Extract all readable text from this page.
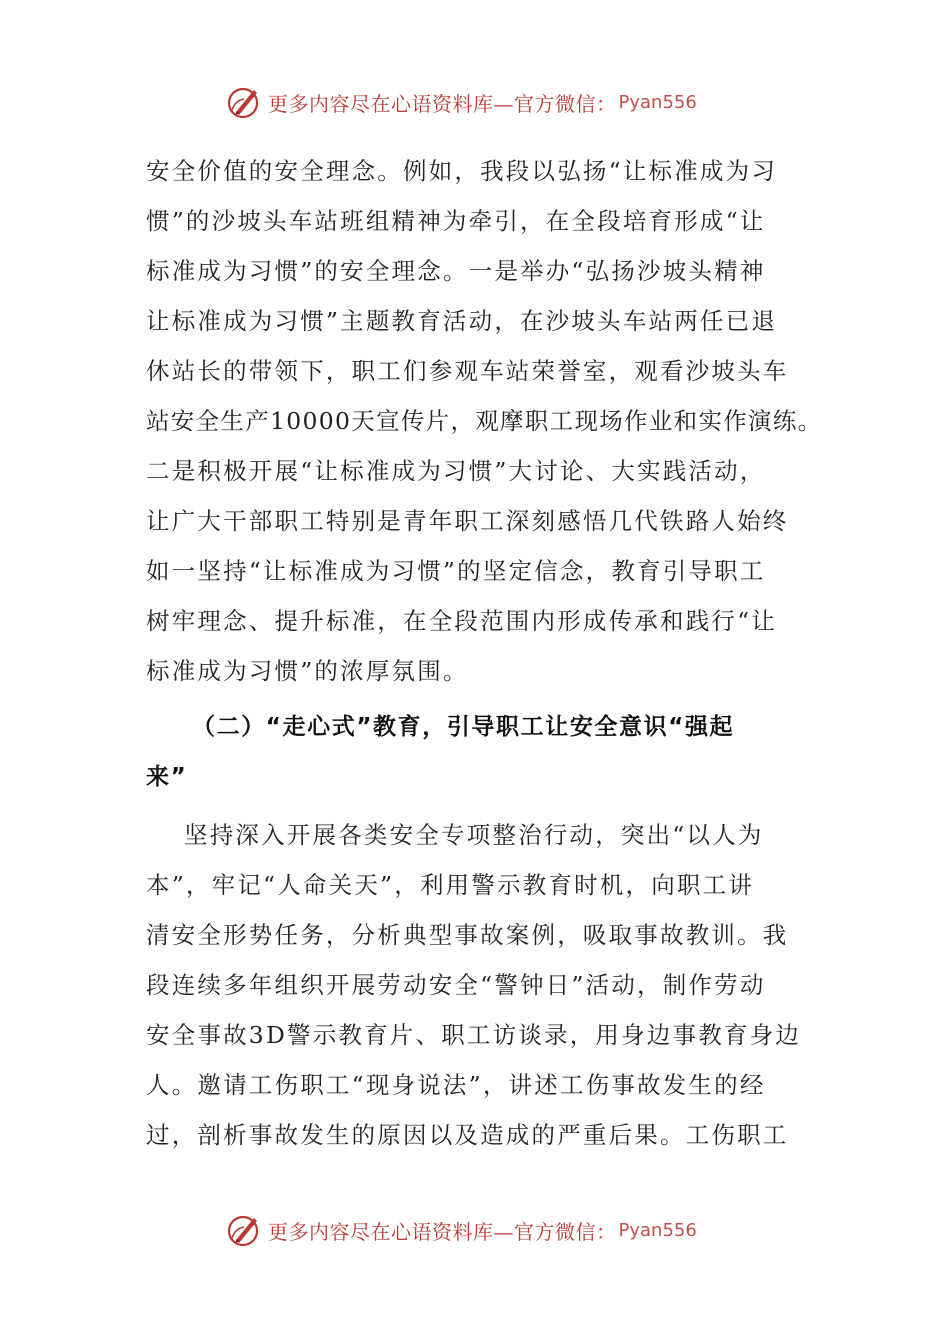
更多内容尽在心语资料库—官方微信： Pyan556
安全价值的安全理念。例如，我段以弘扬“让标准成为习
惯”的沙坡头车站班组精神为牵引，在全段培育形成“让
标准成为习惯”的安全理念。一是举办“弘扬沙坡头精神
让标准成为习惯”主题教育活动，在沙坡头车站两任已退
休站长的带领下，职工们参观车站荣誉室，观看沙坡头车
站安全生产10000天宣传片，观摩职工现场作业和实作演练。
二是积极开展“让标准成为习惯”大讨论、大实践活动，
让广大干部职工特别是青年职工深刻感悟几代铁路人始终
如一坚持“让标准成为习惯”的坚定信念，教育引导职工
树牢理念、提升标准，在全段范围内形成传承和践行“让
标准成为习惯”的浓厚氛围。
（二）“走心式”教育，引导职工让安全意识“强起
来”
坚持深入开展各类安全专项整治行动，突出“以人为
本”，牢记“人命关天”，利用警示教育时机，向职工讲
清安全形势任务，分析典型事故案例，吸取事故教训。我
段连续多年组织开展劳动安全“警钟日”活动，制作劳动
安全事故3D警示教育片、职工访谈录，用身边事教育身边
人。邀请工伤职工“现身说法”，讲述工伤事故发生的经
过，剖析事故发生的原因以及造成的严重后果。工伤职工
更多内容尽在心语资料库—官方微信： Pyan556
